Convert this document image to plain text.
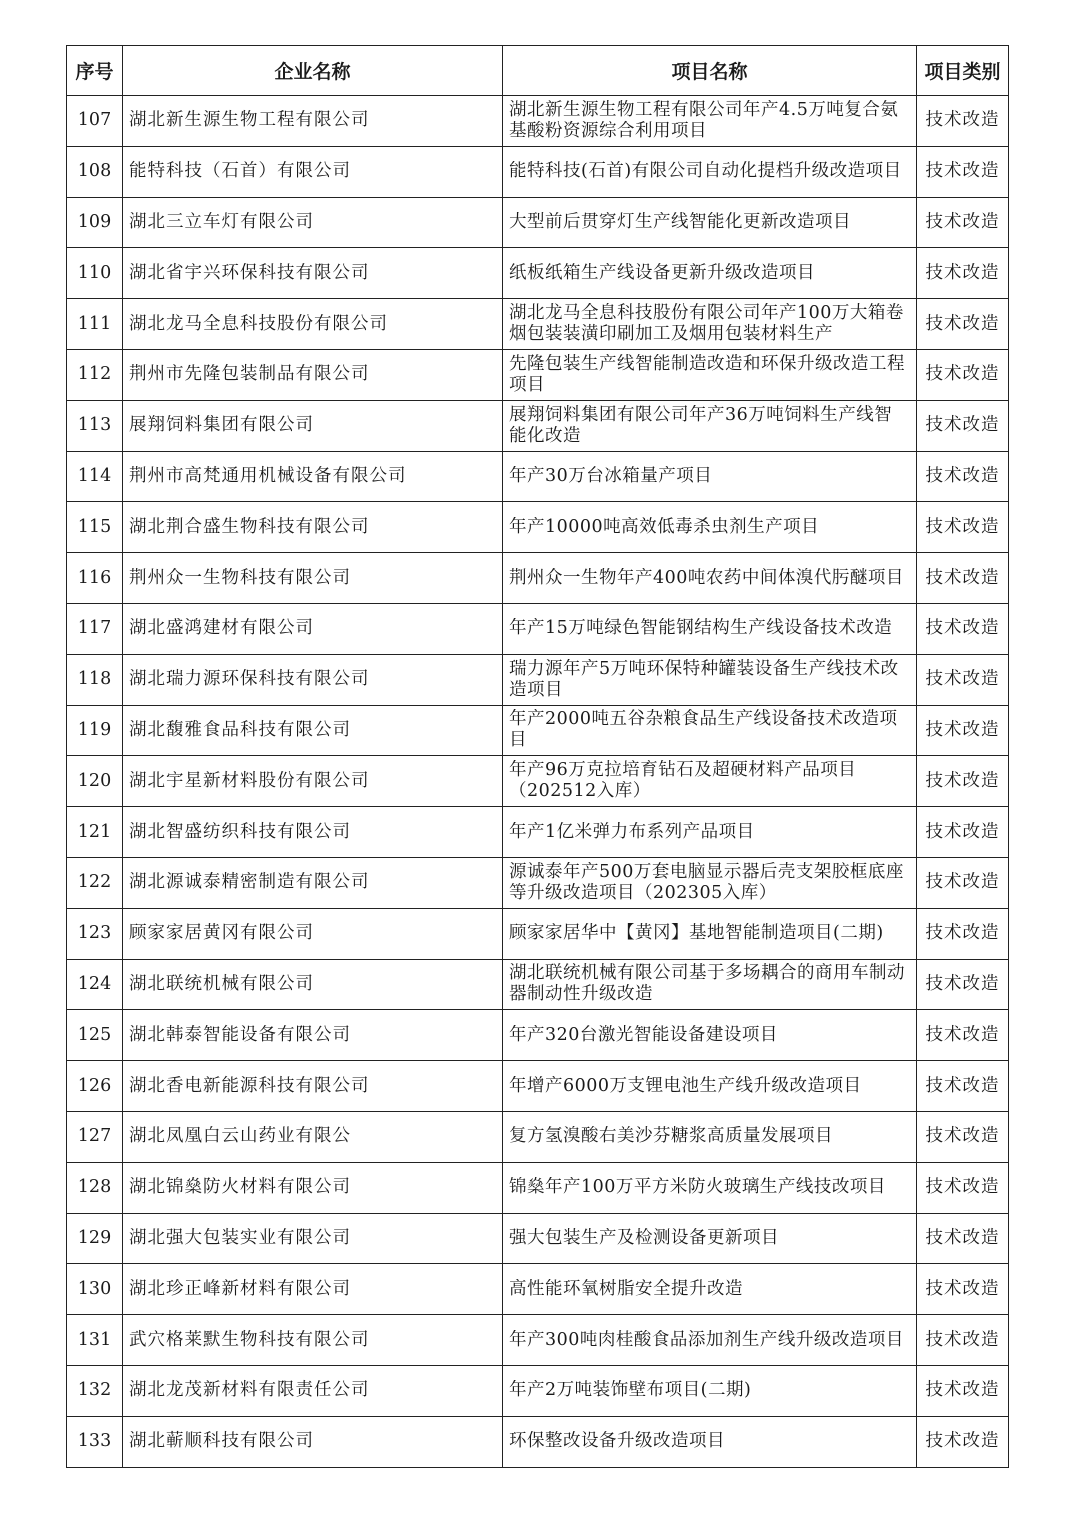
序号	企业名称	项目名称	项目类别
107	湖北新生源生物工程有限公司	湖北新生源生物工程有限公司年产4.5万吨复合氨基酸粉资源综合利用项目	技术改造
108	能特科技（石首）有限公司	能特科技(石首)有限公司自动化提档升级改造项目	技术改造
109	湖北三立车灯有限公司	大型前后贯穿灯生产线智能化更新改造项目	技术改造
110	湖北省宇兴环保科技有限公司	纸板纸箱生产线设备更新升级改造项目	技术改造
111	湖北龙马全息科技股份有限公司	湖北龙马全息科技股份有限公司年产100万大箱卷烟包装装潢印刷加工及烟用包装材料生产	技术改造
112	荆州市先隆包装制品有限公司	先隆包装生产线智能制造改造和环保升级改造工程项目	技术改造
113	展翔饲料集团有限公司	展翔饲料集团有限公司年产36万吨饲料生产线智能化改造	技术改造
114	荆州市高梵通用机械设备有限公司	年产30万台冰箱量产项目	技术改造
115	湖北荆合盛生物科技有限公司	年产10000吨高效低毒杀虫剂生产项目	技术改造
116	荆州众一生物科技有限公司	荆州众一生物年产400吨农药中间体溴代肟醚项目	技术改造
117	湖北盛鸿建材有限公司	年产15万吨绿色智能钢结构生产线设备技术改造	技术改造
118	湖北瑞力源环保科技有限公司	瑞力源年产5万吨环保特种罐装设备生产线技术改造项目	技术改造
119	湖北馥雅食品科技有限公司	年产2000吨五谷杂粮食品生产线设备技术改造项目	技术改造
120	湖北宇星新材料股份有限公司	年产96万克拉培育钻石及超硬材料产品项目（202512入库）	技术改造
121	湖北智盛纺织科技有限公司	年产1亿米弹力布系列产品项目	技术改造
122	湖北源诚泰精密制造有限公司	源诚泰年产500万套电脑显示器后壳支架胶框底座等升级改造项目（202305入库）	技术改造
123	顾家家居黄冈有限公司	顾家家居华中【黄冈】基地智能制造项目(二期)	技术改造
124	湖北联统机械有限公司	湖北联统机械有限公司基于多场耦合的商用车制动器制动性升级改造	技术改造
125	湖北韩泰智能设备有限公司	年产320台激光智能设备建设项目	技术改造
126	湖北香电新能源科技有限公司	年增产6000万支锂电池生产线升级改造项目	技术改造
127	湖北凤凰白云山药业有限公	复方氢溴酸右美沙芬糖浆高质量发展项目	技术改造
128	湖北锦燊防火材料有限公司	锦燊年产100万平方米防火玻璃生产线技改项目	技术改造
129	湖北强大包装实业有限公司	强大包装生产及检测设备更新项目	技术改造
130	湖北珍正峰新材料有限公司	高性能环氧树脂安全提升改造	技术改造
131	武穴格莱默生物科技有限公司	年产300吨肉桂酸食品添加剂生产线升级改造项目	技术改造
132	湖北龙茂新材料有限责任公司	年产2万吨装饰壁布项目(二期)	技术改造
133	湖北蕲顺科技有限公司	环保整改设备升级改造项目	技术改造
